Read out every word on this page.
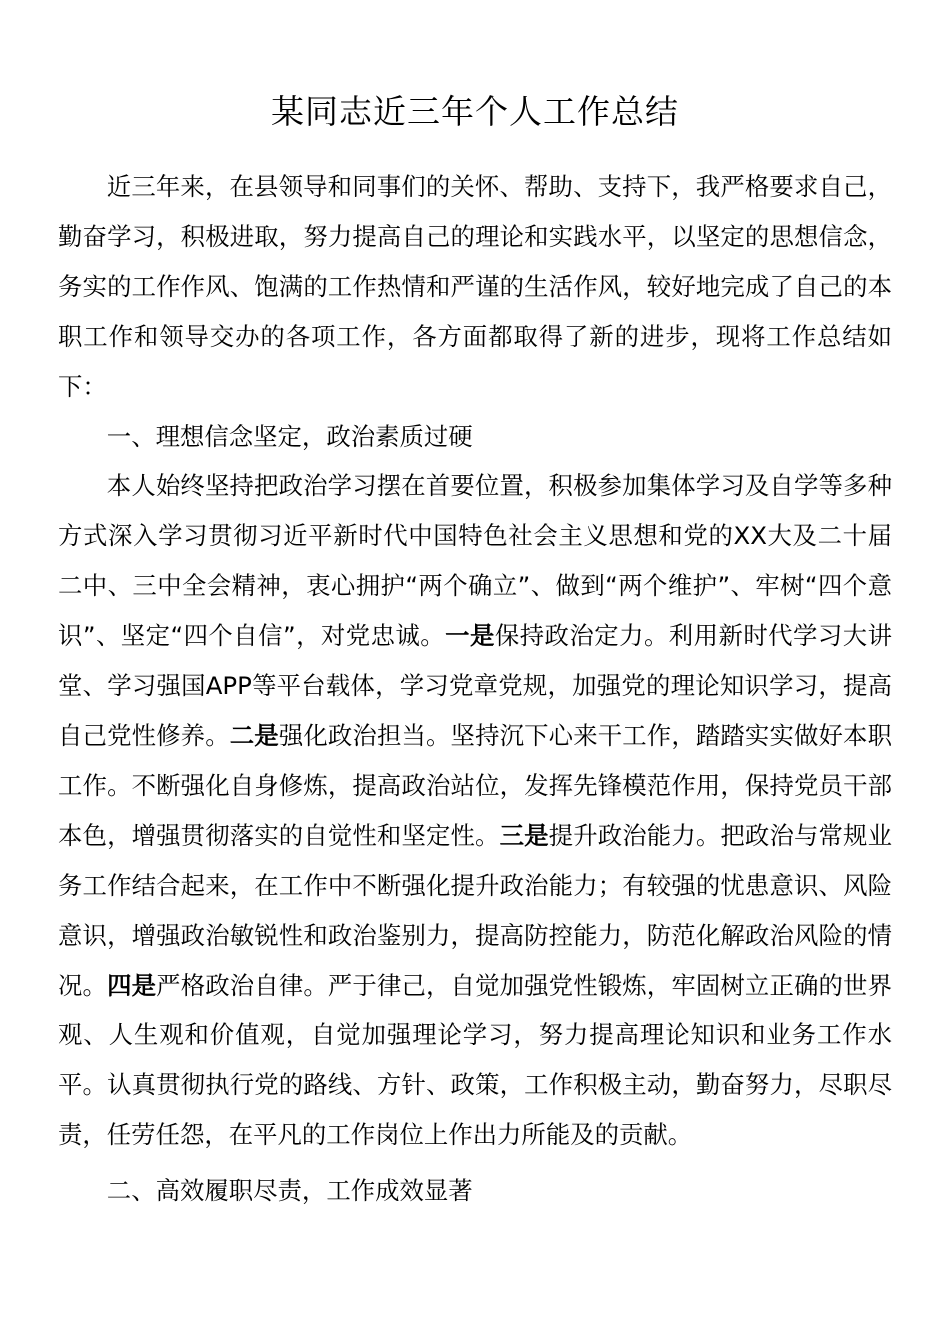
某同志近三年个人工作总结

近三年来，在县领导和同事们的关怀、帮助、支持下，我严格要求自己，勤奋学习，积极进取，努力提高自己的理论和实践水平，以坚定的思想信念，务实的工作作风、饱满的工作热情和严谨的生活作风，较好地完成了自己的本职工作和领导交办的各项工作，各方面都取得了新的进步，现将工作总结如下：

一、理想信念坚定，政治素质过硬

本人始终坚持把政治学习摆在首要位置，积极参加集体学习及自学等多种方式深入学习贯彻习近平新时代中国特色社会主义思想和党的XX大及二十届二中、三中全会精神，衷心拥护“两个确立”、做到“两个维护”、牢树“四个意识”、坚定“四个自信”，对党忠诚。一是保持政治定力。利用新时代学习大讲堂、学习强国APP等平台载体，学习党章党规，加强党的理论知识学习，提高自己党性修养。二是强化政治担当。坚持沉下心来干工作，踏踏实实做好本职工作。不断强化自身修炼，提高政治站位，发挥先锋模范作用，保持党员干部本色，增强贯彻落实的自觉性和坚定性。三是提升政治能力。把政治与常规业务工作结合起来，在工作中不断强化提升政治能力；有较强的忧患意识、风险意识，增强政治敏锐性和政治鉴别力，提高防控能力，防范化解政治风险的情况。四是严格政治自律。严于律己，自觉加强党性锻炼，牢固树立正确的世界观、人生观和价值观，自觉加强理论学习，努力提高理论知识和业务工作水平。认真贯彻执行党的路线、方针、政策，工作积极主动，勤奋努力，尽职尽责，任劳任怨，在平凡的工作岗位上作出力所能及的贡献。

二、高效履职尽责，工作成效显著
